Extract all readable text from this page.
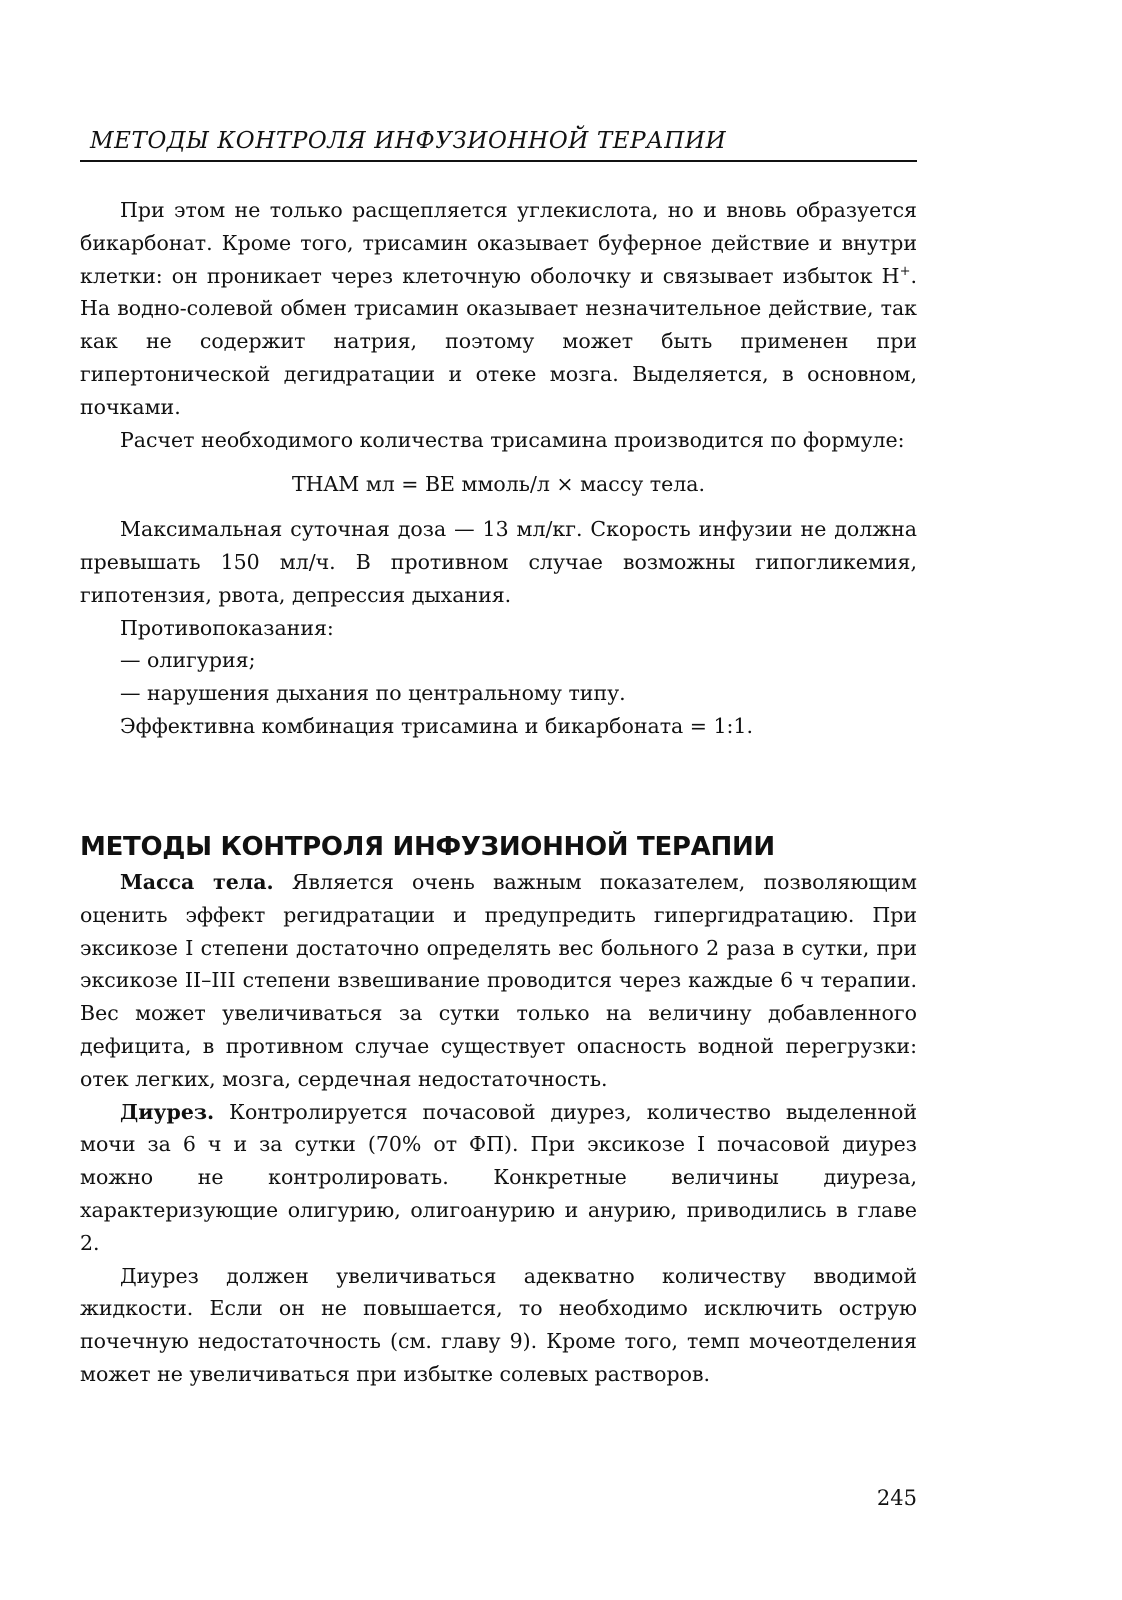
МЕТОДЫ КОНТРОЛЯ ИНФУЗИОННОЙ ТЕРАПИИ

При этом не только расщепляется углекислота, но и вновь образуется бикарбонат. Кроме того, трисамин оказывает буферное действие и внутри клетки: он проникает через клеточную оболочку и связывает избыток H+. На водно-солевой обмен трисамин оказывает незначительное действие, так как не содержит натрия, поэтому может быть применен при гипертонической дегидратации и отеке мозга. Выделяется, в основном, почками.

Расчет необходимого количества трисамина производится по формуле:

THAM мл = BE ммоль/л × массу тела.

Максимальная суточная доза — 13 мл/кг. Скорость инфузии не должна превышать 150 мл/ч. В противном случае возможны гипогликемия, гипотензия, рвота, депрессия дыхания.

Противопоказания:

— олигурия;

— нарушения дыхания по центральному типу.

Эффективна комбинация трисамина и бикарбоната = 1:1.

МЕТОДЫ КОНТРОЛЯ ИНФУЗИОННОЙ ТЕРАПИИ

Масса тела. Является очень важным показателем, позволяющим оценить эффект регидратации и предупредить гипергидратацию. При эксикозе I степени достаточно определять вес больного 2 раза в сутки, при эксикозе II–III степени взвешивание проводится через каждые 6 ч терапии. Вес может увеличиваться за сутки только на величину добавленного дефицита, в противном случае существует опасность водной перегрузки: отек легких, мозга, сердечная недостаточность.

Диурез. Контролируется почасовой диурез, количество выделенной мочи за 6 ч и за сутки (70% от ФП). При эксикозе I почасовой диурез можно не контролировать. Конкретные величины диуреза, характеризующие олигурию, олигоанурию и анурию, приводились в главе 2.

Диурез должен увеличиваться адекватно количеству вводимой жидкости. Если он не повышается, то необходимо исключить острую почечную недостаточность (см. главу 9). Кроме того, темп мочеотделения может не увеличиваться при избытке солевых растворов.

245
